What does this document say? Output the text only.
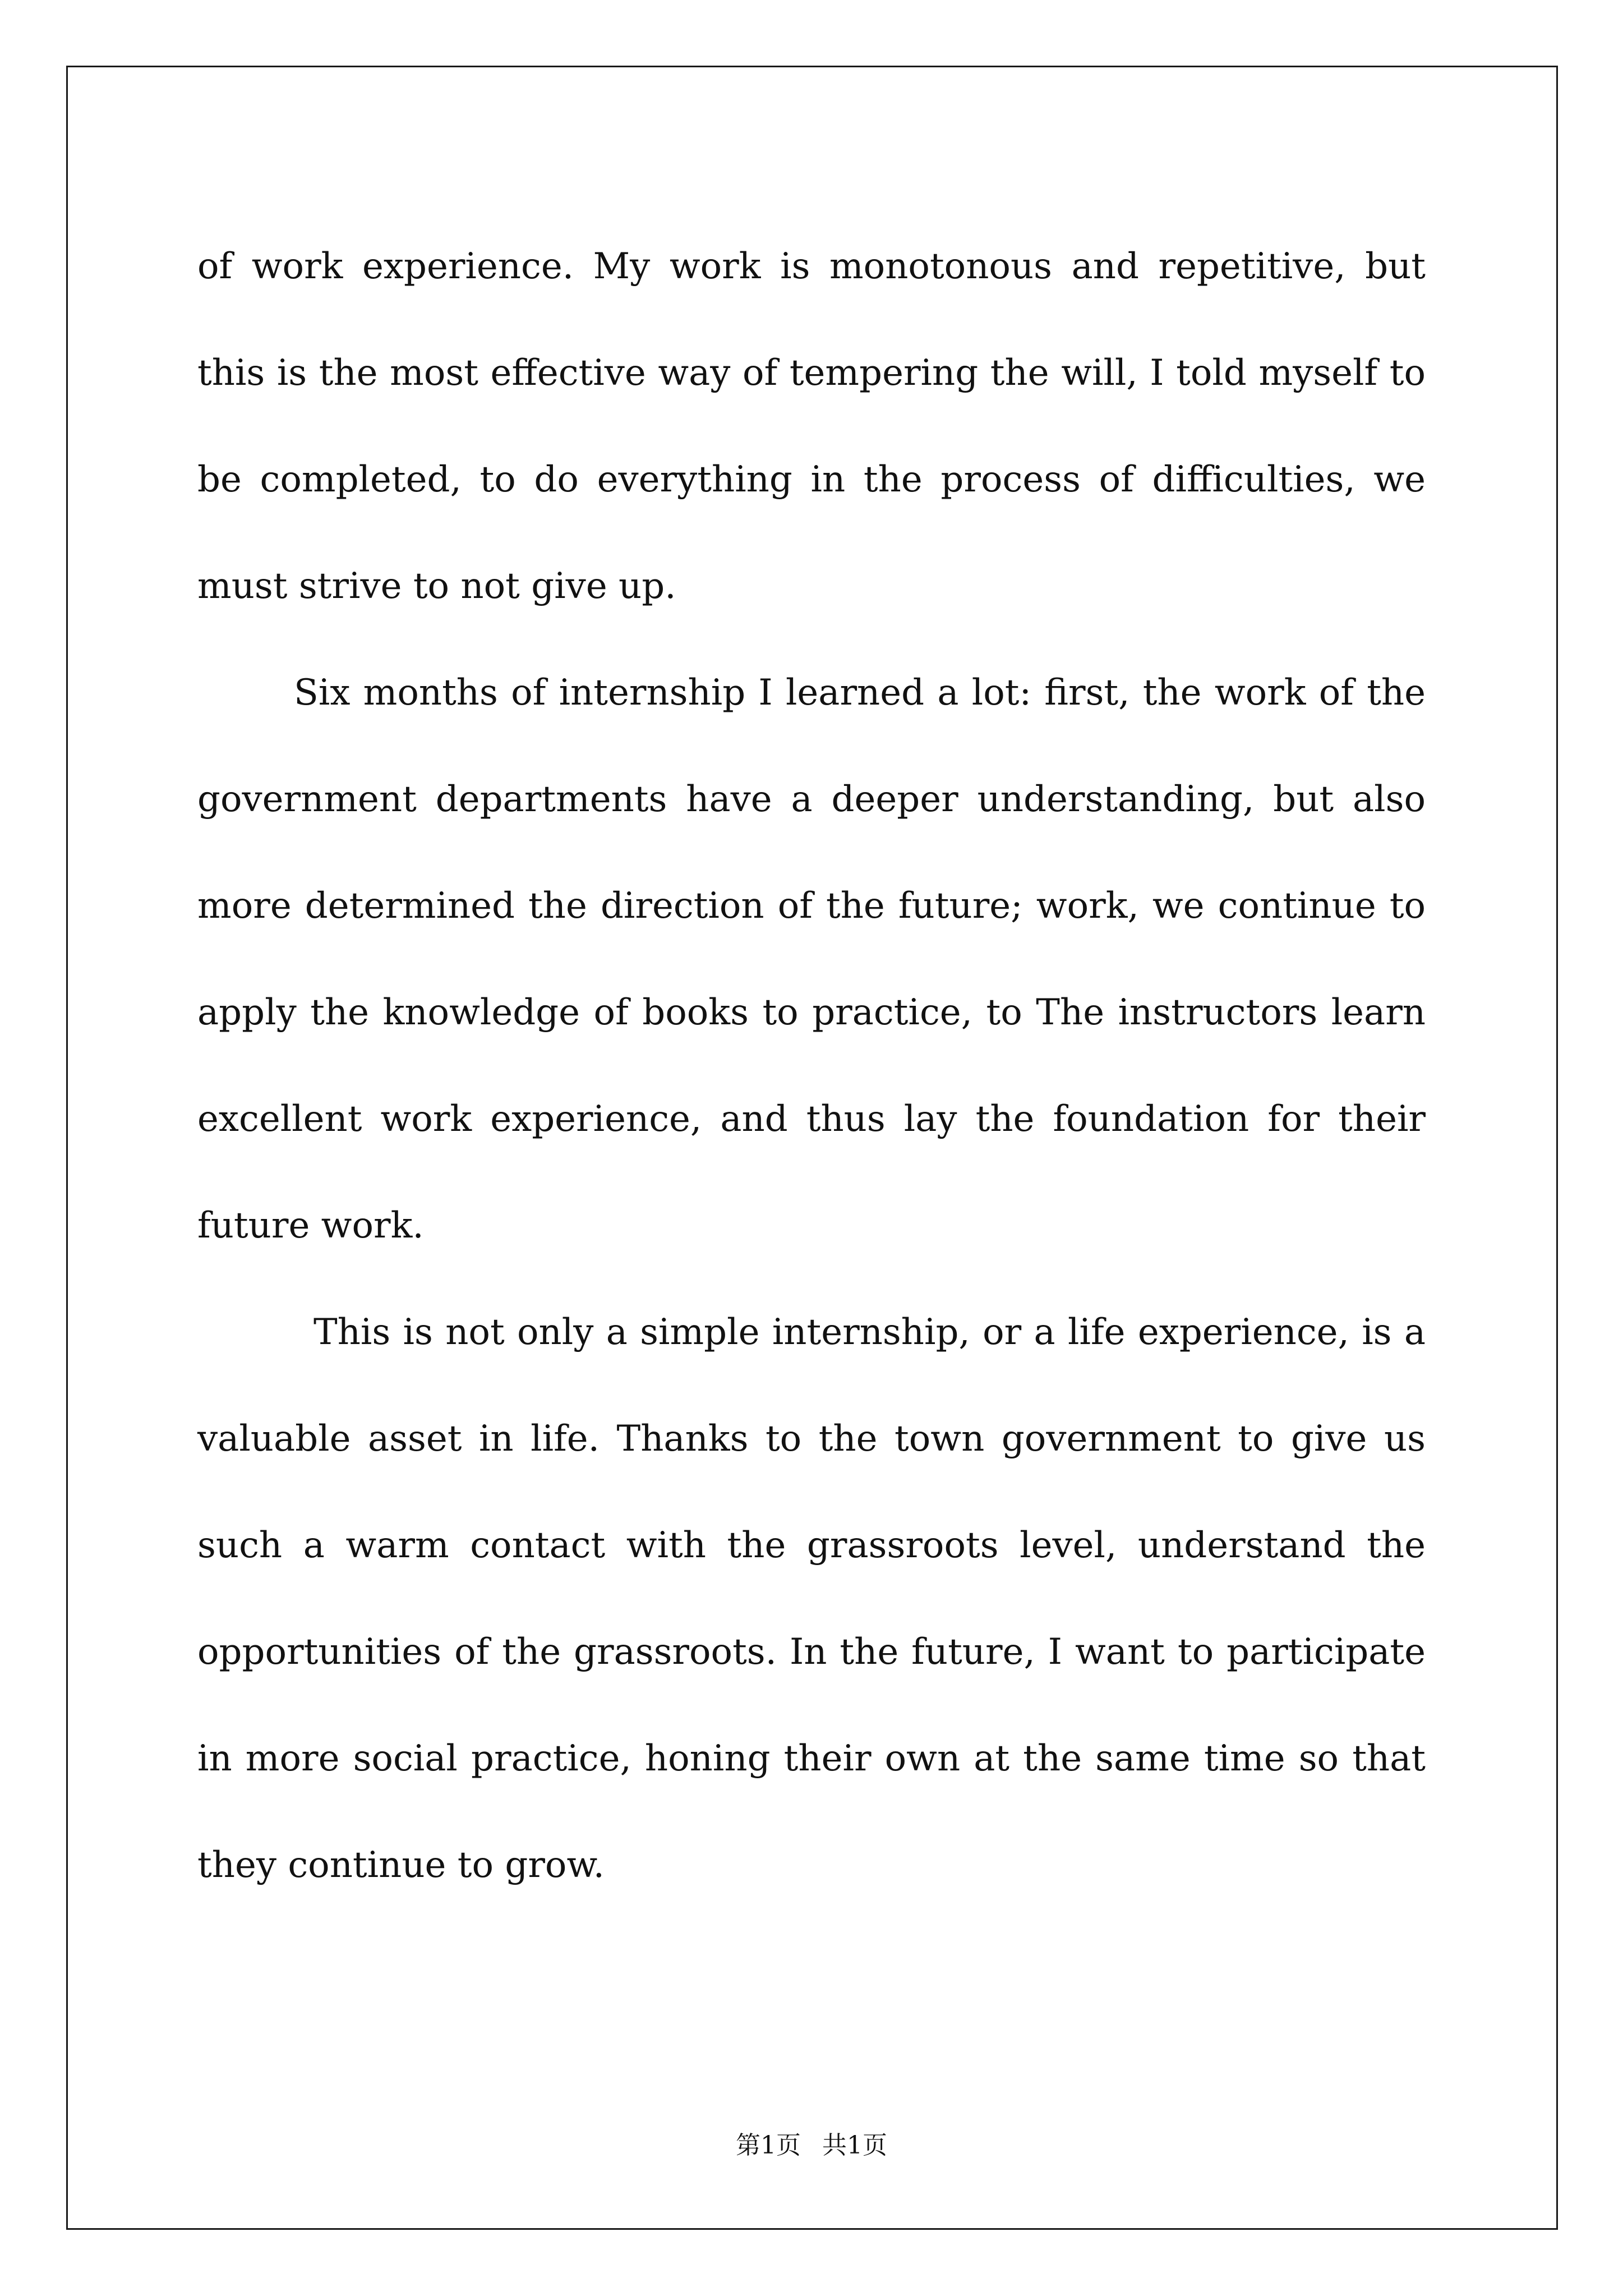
of work experience. My work is monotonous and repetitive, but this is the most effective way of tempering the will, I told myself to be completed, to do everything in the process of difficulties, we must strive to not give up.

Six months of internship I learned a lot: first, the work of the government departments have a deeper understanding, but also more determined the direction of the future; work, we continue to apply the knowledge of books to practice, to The instructors learn excellent work experience, and thus lay the foundation for their future work.

This is not only a simple internship, or a life experience, is a valuable asset in life. Thanks to the town government to give us such a warm contact with the grassroots level, understand the opportunities of the grassroots. In the future, I want to participate in more social practice, honing their own at the same time so that they continue to grow.

第1页 共1页
